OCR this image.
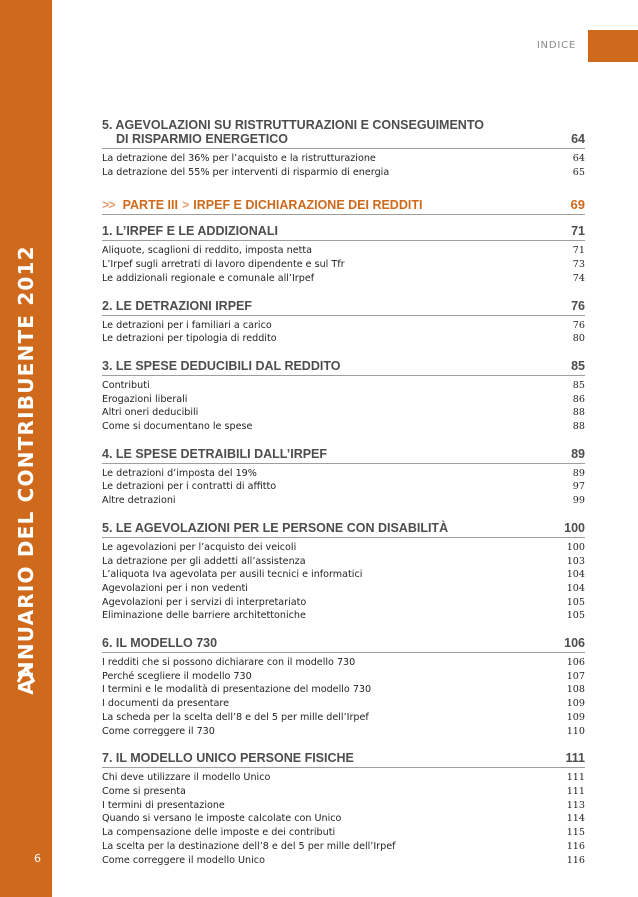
ANNUARIO DEL CONTRIBUENTE 2012
6
INDICE
5. AGEVOLAZIONI SU RISTRUTTURAZIONI E CONSEGUIMENTO
DI RISPARMIO ENERGETICO	64
La detrazione del 36% per l’acquisto e la ristrutturazione	64
La detrazione del 55% per interventi di risparmio di energia	65
>> PARTE III > IRPEF E DICHIARAZIONE DEI REDDITI	69
1. L’IRPEF E LE ADDIZIONALI	71
Aliquote, scaglioni di reddito, imposta netta	71
L’Irpef sugli arretrati di lavoro dipendente e sul Tfr	73
Le addizionali regionale e comunale all’Irpef	74
2. LE DETRAZIONI IRPEF	76
Le detrazioni per i familiari a carico	76
Le detrazioni per tipologia di reddito	80
3. LE SPESE DEDUCIBILI DAL REDDITO	85
Contributi	85
Erogazioni liberali	86
Altri oneri deducibili	88
Come si documentano le spese	88
4. LE SPESE DETRAIBILI DALL’IRPEF	89
Le detrazioni d’imposta del 19%	89
Le detrazioni per i contratti di affitto	97
Altre detrazioni	99
5. LE AGEVOLAZIONI PER LE PERSONE CON DISABILITÀ	100
Le agevolazioni per l’acquisto dei veicoli	100
La detrazione per gli addetti all’assistenza	103
L’aliquota Iva agevolata per ausili tecnici e informatici	104
Agevolazioni per i non vedenti	104
Agevolazioni per i servizi di interpretariato	105
Eliminazione delle barriere architettoniche	105
6. IL MODELLO 730	106
I redditi che si possono dichiarare con il modello 730	106
Perché scegliere il modello 730	107
I termini e le modalità di presentazione del modello 730	108
I documenti da presentare	109
La scheda per la scelta dell’8 e del 5 per mille dell’Irpef	109
Come correggere il 730	110
7. IL MODELLO UNICO PERSONE FISICHE	111
Chi deve utilizzare il modello Unico	111
Come si presenta	111
I termini di presentazione	113
Quando si versano le imposte calcolate con Unico	114
La compensazione delle imposte e dei contributi	115
La scelta per la destinazione dell’8 e del 5 per mille dell’Irpef	116
Come correggere il modello Unico	116
